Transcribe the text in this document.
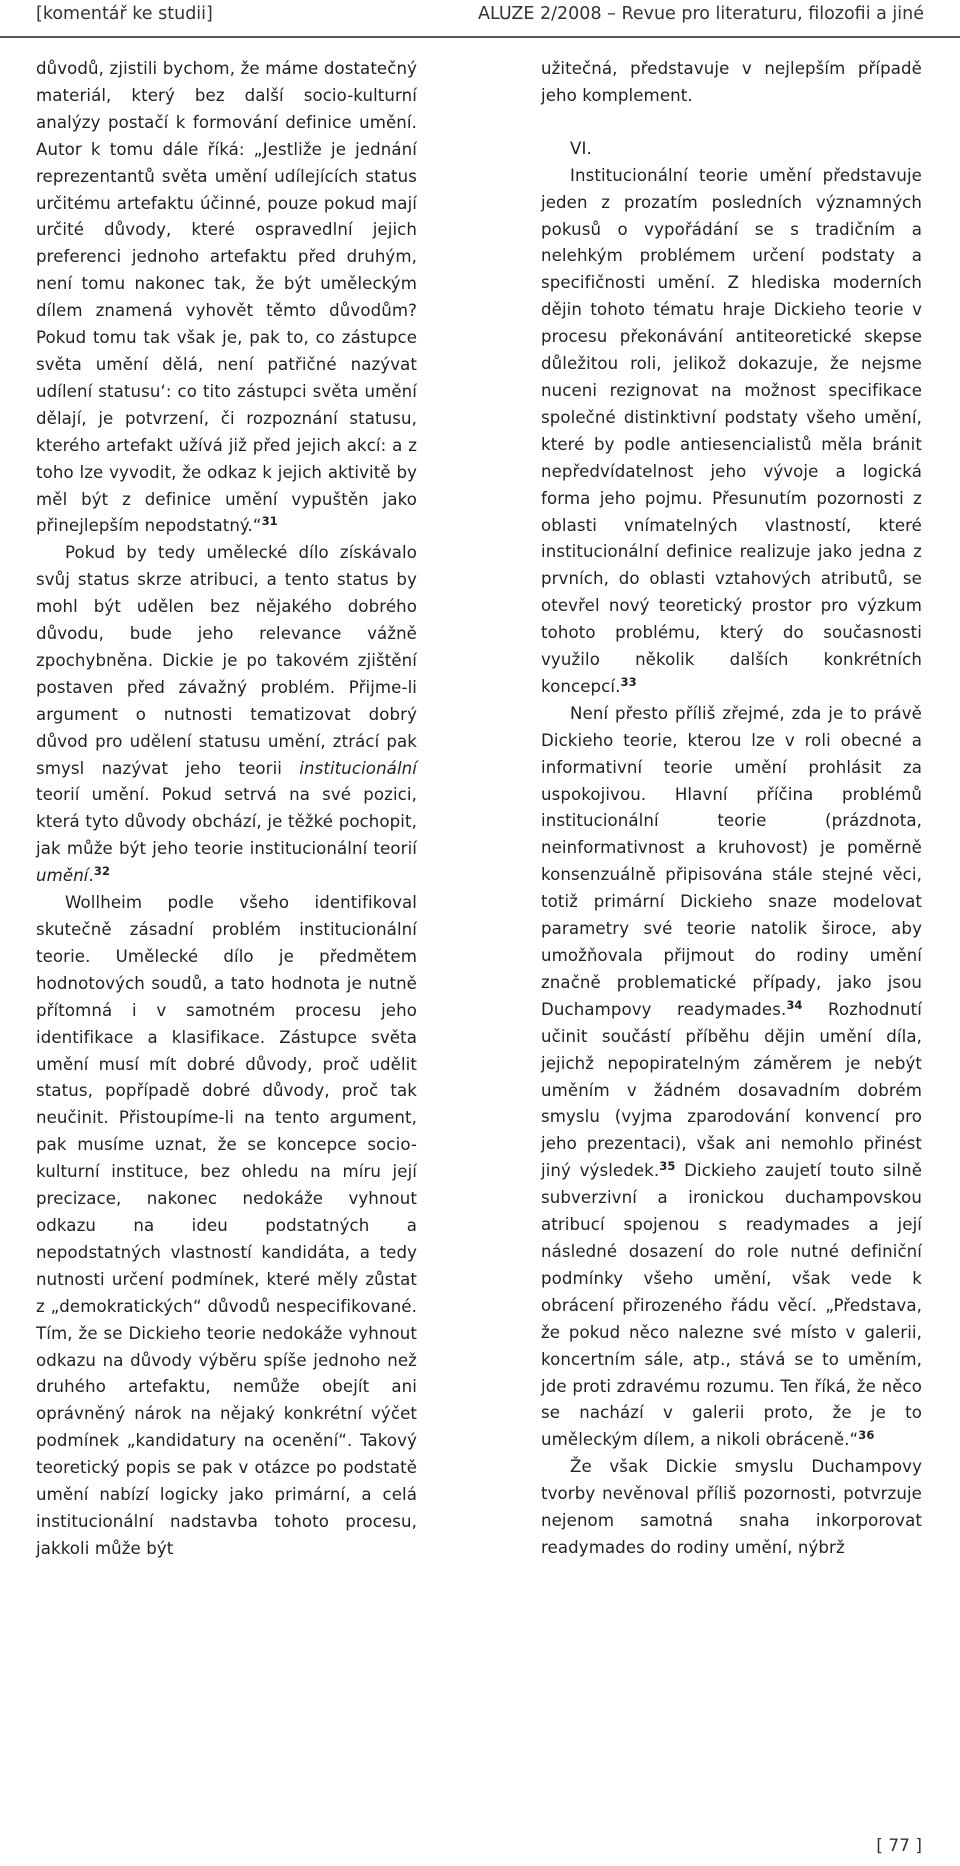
[komentář ke studii]	ALUZE 2/2008 – Revue pro literaturu, filozofii a jiné

důvodů, zjistili bychom, že máme dostatečný materiál, který bez další socio-kulturní analýzy postačí k formování definice umění. Autor k tomu dále říká: „Jestliže je jednání reprezentantů světa umění udílejících status určitému artefaktu účinné, pouze pokud mají určité důvody, které ospravedlní jejich preferenci jednoho artefaktu před druhým, není tomu nakonec tak, že být uměleckým dílem znamená vyhovět těmto důvodům? Pokud tomu tak však je, pak to, co zástupce světa umění dělá, není patřičné nazývat udílení statusu‘: co tito zástupci světa umění dělají, je potvrzení, či rozpoznání statusu, kterého artefakt užívá již před jejich akcí: a z toho lze vyvodit, že odkaz k jejich aktivitě by měl být z definice umění vypuštěn jako přinejlepším nepodstatný.“$^{31}$

Pokud by tedy umělecké dílo získávalo svůj status skrze atribuci, a tento status by mohl být udělen bez nějakého dobrého důvodu, bude jeho relevance vážně zpochybněna. Dickie je po takovém zjištění postaven před závažný problém. Přijme-li argument o nutnosti tematizovat dobrý důvod pro udělení statusu umění, ztrácí pak smysl nazývat jeho teorii institucionální teorií umění. Pokud setrvá na své pozici, která tyto důvody obchází, je těžké pochopit, jak může být jeho teorie institucionální teorií umění.$^{32}$

Wollheim podle všeho identifikoval skutečně zásadní problém institucionální teorie. Umělecké dílo je předmětem hodnotových soudů, a tato hodnota je nutně přítomná i v samotném procesu jeho identifikace a klasifikace. Zástupce světa umění musí mít dobré důvody, proč udělit status, popřípadě dobré důvody, proč tak neučinit. Přistoupíme-li na tento argument, pak musíme uznat, že se koncepce socio-kulturní instituce, bez ohledu na míru její precizace, nakonec nedokáže vyhnout odkazu na ideu podstatných a nepodstatných vlastností kandidáta, a tedy nutnosti určení podmínek, které měly zůstat z „demokratických“ důvodů nespecifikované. Tím, že se Dickieho teorie nedokáže vyhnout odkazu na důvody výběru spíše jednoho než druhého artefaktu, nemůže obejít ani oprávněný nárok na nějaký konkrétní výčet podmínek „kandidatury na ocenění“. Takový teoretický popis se pak v otázce po podstatě umění nabízí logicky jako primární, a celá institucionální nadstavba tohoto procesu, jakkoli může být

užitečná, představuje v nejlepším případě jeho komplement.

VI.

Institucionální teorie umění představuje jeden z prozatím posledních významných pokusů o vypořádání se s tradičním a nelehkým problémem určení podstaty a specifičnosti umění. Z hlediska moderních dějin tohoto tématu hraje Dickieho teorie v procesu překonávání antiteoretické skepse důležitou roli, jelikož dokazuje, že nejsme nuceni rezignovat na možnost specifikace společné distinktivní podstaty všeho umění, které by podle antiesencialistů měla bránit nepředvídatelnost jeho vývoje a logická forma jeho pojmu. Přesunutím pozornosti z oblasti vnímatelných vlastností, které institucionální definice realizuje jako jedna z prvních, do oblasti vztahových atributů, se otevřel nový teoretický prostor pro výzkum tohoto problému, který do současnosti využilo několik dalších konkrétních koncepcí.$^{33}$

Není přesto příliš zřejmé, zda je to právě Dickieho teorie, kterou lze v roli obecné a informativní teorie umění prohlásit za uspokojivou. Hlavní příčina problémů institucionální teorie (prázdnota, neinformativnost a kruhovost) je poměrně konsenzuálně připisována stále stejné věci, totiž primární Dickieho snaze modelovat parametry své teorie natolik široce, aby umožňovala přijmout do rodiny umění značně problematické případy, jako jsou Duchampovy readymades.$^{34}$ Rozhodnutí učinit součástí příběhu dějin umění díla, jejichž nepopiratelným záměrem je nebýt uměním v žádném dosavadním dobrém smyslu (vyjma zparodování konvencí pro jeho prezentaci), však ani nemohlo přinést jiný výsledek.$^{35}$ Dickieho zaujetí touto silně subverzivní a ironickou duchampovskou atribucí spojenou s readymades a její následné dosazení do role nutné definiční podmínky všeho umění, však vede k obrácení přirozeného řádu věcí. „Představa, že pokud něco nalezne své místo v galerii, koncertním sále, atp., stává se to uměním, jde proti zdravému rozumu. Ten říká, že něco se nachází v galerii proto, že je to uměleckým dílem, a nikoli obráceně.“$^{36}$

Že však Dickie smyslu Duchampovy tvorby nevěnoval příliš pozornosti, potvrzuje nejenom samotná snaha inkorporovat readymades do rodiny umění, nýbrž

[ 77 ]
